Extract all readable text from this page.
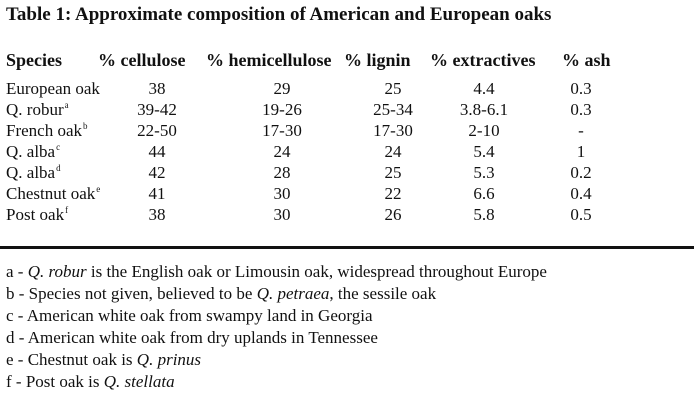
Table 1: Approximate composition of American and European oaks
Species % cellulose % hemicellulose % lignin % extractives % ash
European oak	38	29	25	4.4	0.3
Q. robur$^a$	39-42	19-26	25-34	3.8-6.1	0.3
French oak$^b$	22-50	17-30	17-30	2-10	-
Q. alba$^c$	44	24	24	5.4	1
Q. alba$^d$	42	28	25	5.3	0.2
Chestnut oak$^e$	41	30	22	6.6	0.4
Post oak$^f$	38	30	26	5.8	0.5
a - Q. robur is the English oak or Limousin oak, widespread throughout Europe
b - Species not given, believed to be Q. petraea, the sessile oak
c - American white oak from swampy land in Georgia
d - American white oak from dry uplands in Tennessee
e - Chestnut oak is Q. prinus
f - Post oak is Q. stellata
